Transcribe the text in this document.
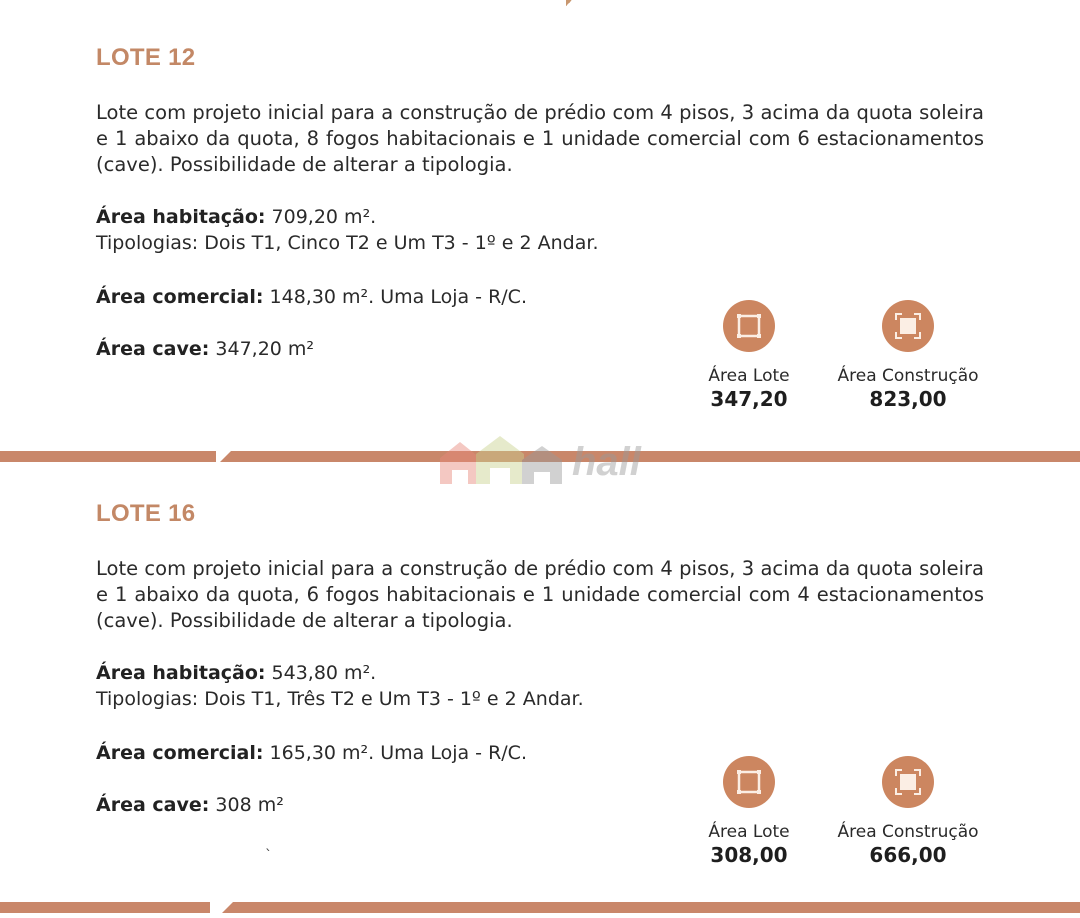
LOTE 12

Lote com projeto inicial para a construção de prédio com 4 pisos, 3 acima da quota soleira e 1 abaixo da quota, 8 fogos habitacionais e 1 unidade comercial com 6 estacionamentos (cave). Possibilidade de alterar a tipologia.

Área habitação: 709,20 m².

Tipologias: Dois T1, Cinco T2 e Um T3 - 1º e 2 Andar.

Área comercial: 148,30 m². Uma Loja - R/C.

Área cave: 347,20 m²

Área Lote
347,20
Área Construção
823,00
hall
LOTE 16

Lote com projeto inicial para a construção de prédio com 4 pisos, 3 acima da quota soleira e 1 abaixo da quota, 6 fogos habitacionais e 1 unidade comercial com 4 estacionamentos (cave). Possibilidade de alterar a tipologia.

Área habitação: 543,80 m².

Tipologias: Dois T1, Três T2 e Um T3 - 1º e 2 Andar.

Área comercial: 165,30 m². Uma Loja - R/C.

Área cave: 308 m²

Área Lote
308,00
Área Construção
666,00
`
